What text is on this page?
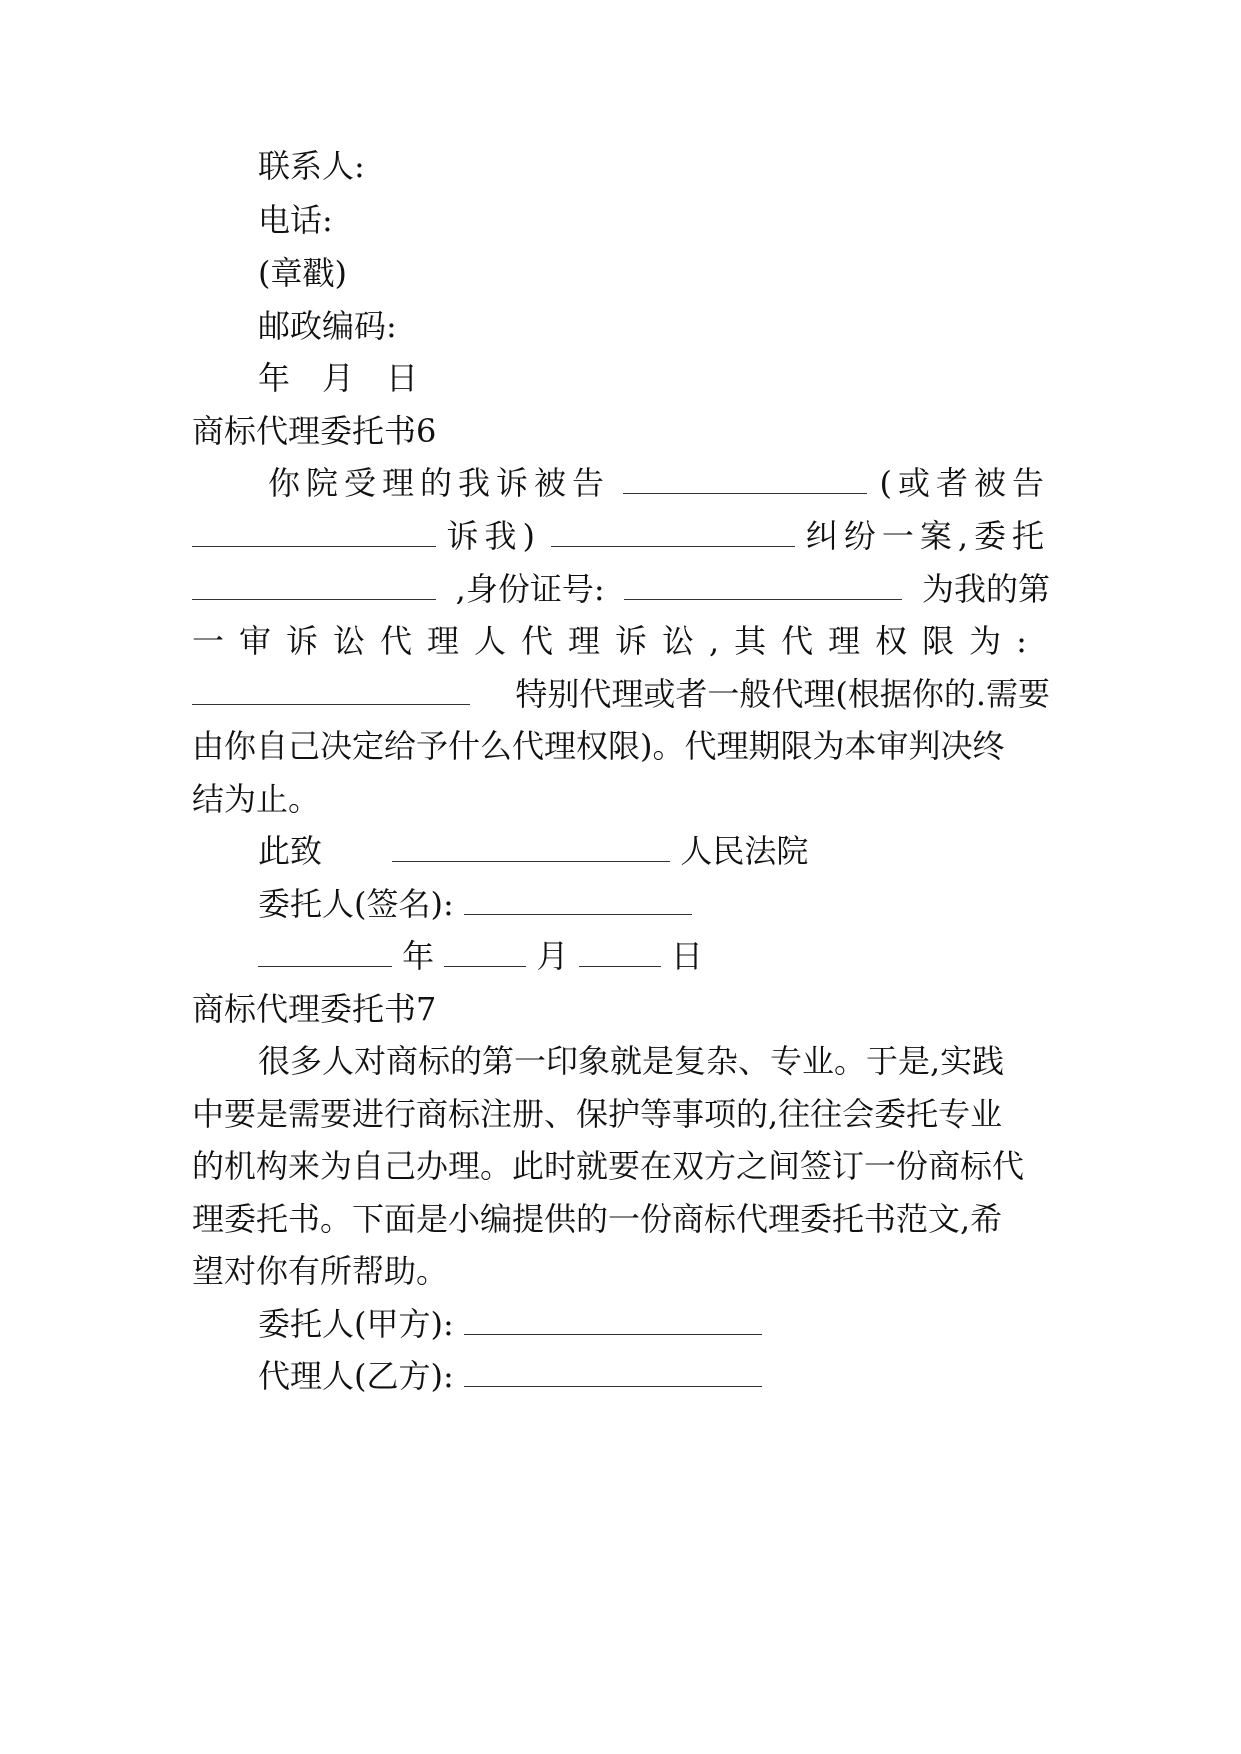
联系人:
电话:
(章戳)
邮政编码:
年　月　日
商标代理委托书6
你院受理的我诉被告	(或者被告
诉我)	纠纷一案,委托
,身份证号:	为我的第
一审诉讼代理人代理诉讼,其代理权限为:
特别代理或者一般代理(根据你的.需要
由你自己决定给予什么代理权限)。代理期限为本审判决终
结为止。
此致	人民法院
委托人(签名):
年	月	日
商标代理委托书7
很多人对商标的第一印象就是复杂、专业。于是,实践
中要是需要进行商标注册、保护等事项的,往往会委托专业
的机构来为自己办理。此时就要在双方之间签订一份商标代
理委托书。下面是小编提供的一份商标代理委托书范文,希
望对你有所帮助。
委托人(甲方):
代理人(乙方):
